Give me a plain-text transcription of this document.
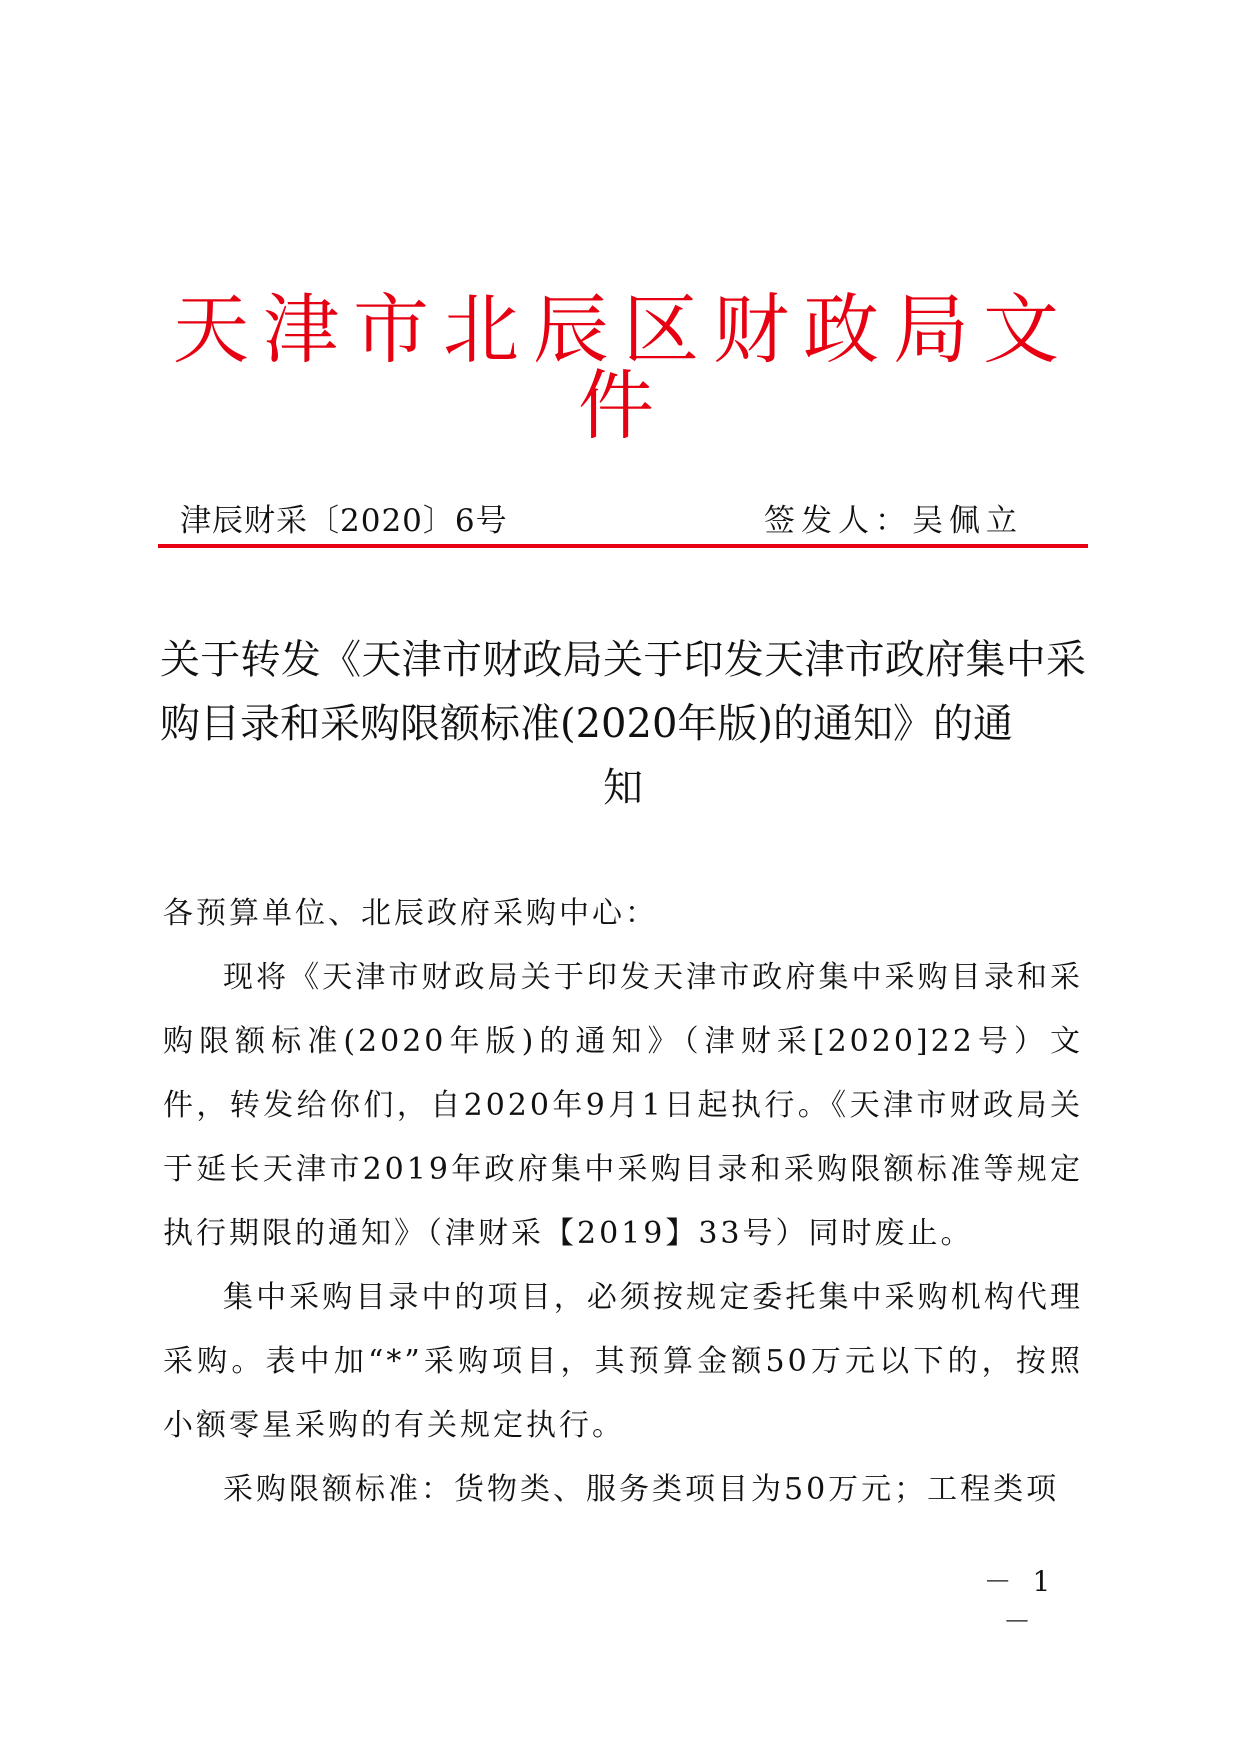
天津市北辰区财政局文件
津辰财采〔2020〕6号	签发人：吴佩立
关于转发《天津市财政局关于印发天津市政府集中采购目录和采购限额标准(2020年版)的通知》的通
知

各预算单位、北辰政府采购中心：

现将《天津市财政局关于印发天津市政府集中采购目录和采购限额标准(2020年版)的通知》（津财采[2020]22号）文件，转发给你们，自2020年9月1日起执行。《天津市财政局关于延长天津市2019年政府集中采购目录和采购限额标准等规定执行期限的通知》（津财采【2019】33号）同时废止。

集中采购目录中的项目，必须按规定委托集中采购机构代理采购。表中加“*”采购项目，其预算金额50万元以下的，按照小额零星采购的有关规定执行。

采购限额标准：货物类、服务类项目为50万元；工程类项

－ 1 －
